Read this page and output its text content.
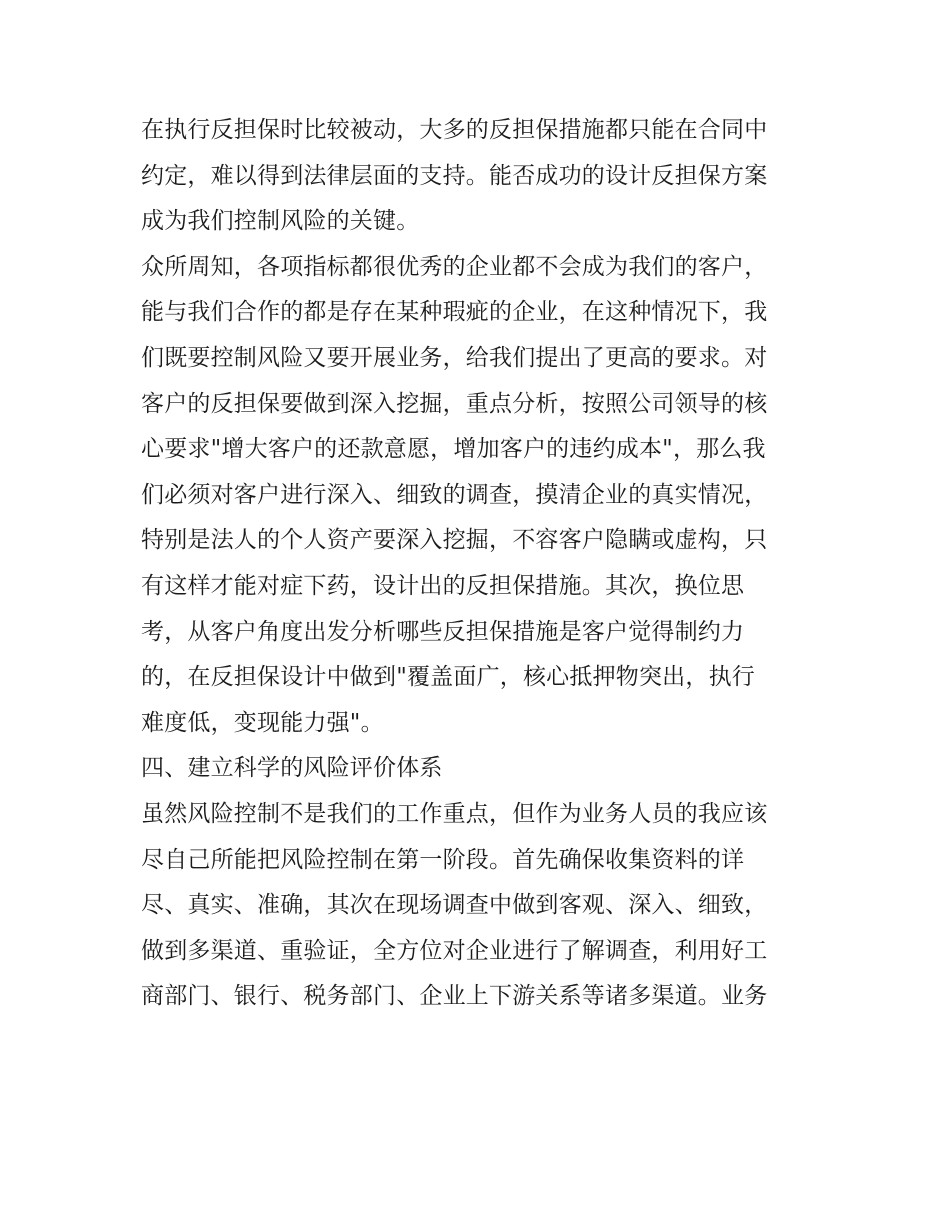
在执行反担保时比较被动，大多的反担保措施都只能在合同中
约定，难以得到法律层面的支持。能否成功的设计反担保方案
成为我们控制风险的关键。
众所周知，各项指标都很优秀的企业都不会成为我们的客户，
能与我们合作的都是存在某种瑕疵的企业，在这种情况下，我
们既要控制风险又要开展业务，给我们提出了更高的要求。对
客户的反担保要做到深入挖掘，重点分析，按照公司领导的核
心要求"增大客户的还款意愿，增加客户的违约成本"，那么我
们必须对客户进行深入、细致的调查，摸清企业的真实情况，
特别是法人的个人资产要深入挖掘，不容客户隐瞒或虚构，只
有这样才能对症下药，设计出的反担保措施。其次，换位思
考，从客户角度出发分析哪些反担保措施是客户觉得制约力
的，在反担保设计中做到"覆盖面广，核心抵押物突出，执行
难度低，变现能力强"。
四、建立科学的风险评价体系
虽然风险控制不是我们的工作重点，但作为业务人员的我应该
尽自己所能把风险控制在第一阶段。首先确保收集资料的详
尽、真实、准确，其次在现场调查中做到客观、深入、细致，
做到多渠道、重验证，全方位对企业进行了解调查，利用好工
商部门、银行、税务部门、企业上下游关系等诸多渠道。业务
